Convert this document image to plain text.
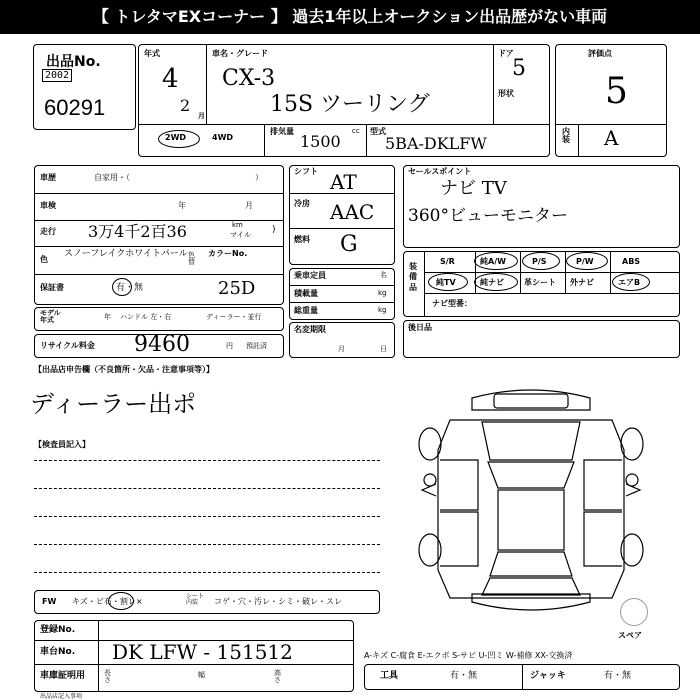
【 トレタマEXコーナー 】 過去1年以上オークション出品歴がない車両
出品No.
2002
60291
年式
4
2
月
車名・グレード
CX-3
15S ツーリング
ドア
5
形状
2WD	4WD
排気量
1500
cc 型式
5BA-DKLFW
評価点
5
内装 A
車歴	自家用・（	）
車検	年	月
走行 3万4千2百36	km
マイル )
色
スノーフレイクホワイトパール 色替
カラーNo.
保証書	有・無	25D
モデル年式	年 ハンドル 左・右	ディーラー・並行
リサイクル料金 9460	円 預託済
シフト AT
冷房 AAC
燃料 G
乗車定員	名
積載量	kg
総重量	kg
名変期限
月	日
セールスポイント
ナビ TV
360°ビューモニター
装備品
S/R	純A/W	P/S	P/W	ABS
純TV	純ナビ	革シート 外ナビ	エアB
ナビ型番：
後日品
【出品店申告欄（不良箇所・欠品・注意事項等）】
ディーラー出ポ
【検査員記入】
スペア
FW キズ・ビ石・割レ×
シート内装	コゲ・穴・汚レ・シミ・破レ・スレ
登録No.
車台No. DK LFW - 151512
車庫証明用	長さ
幅	高さ
A-キズ C-腐食 E-エクボ S-サビ U-凹ミ W-補修 XX-交換済
工具	有・無	ジャッキ	有・無
出品店記入事項
